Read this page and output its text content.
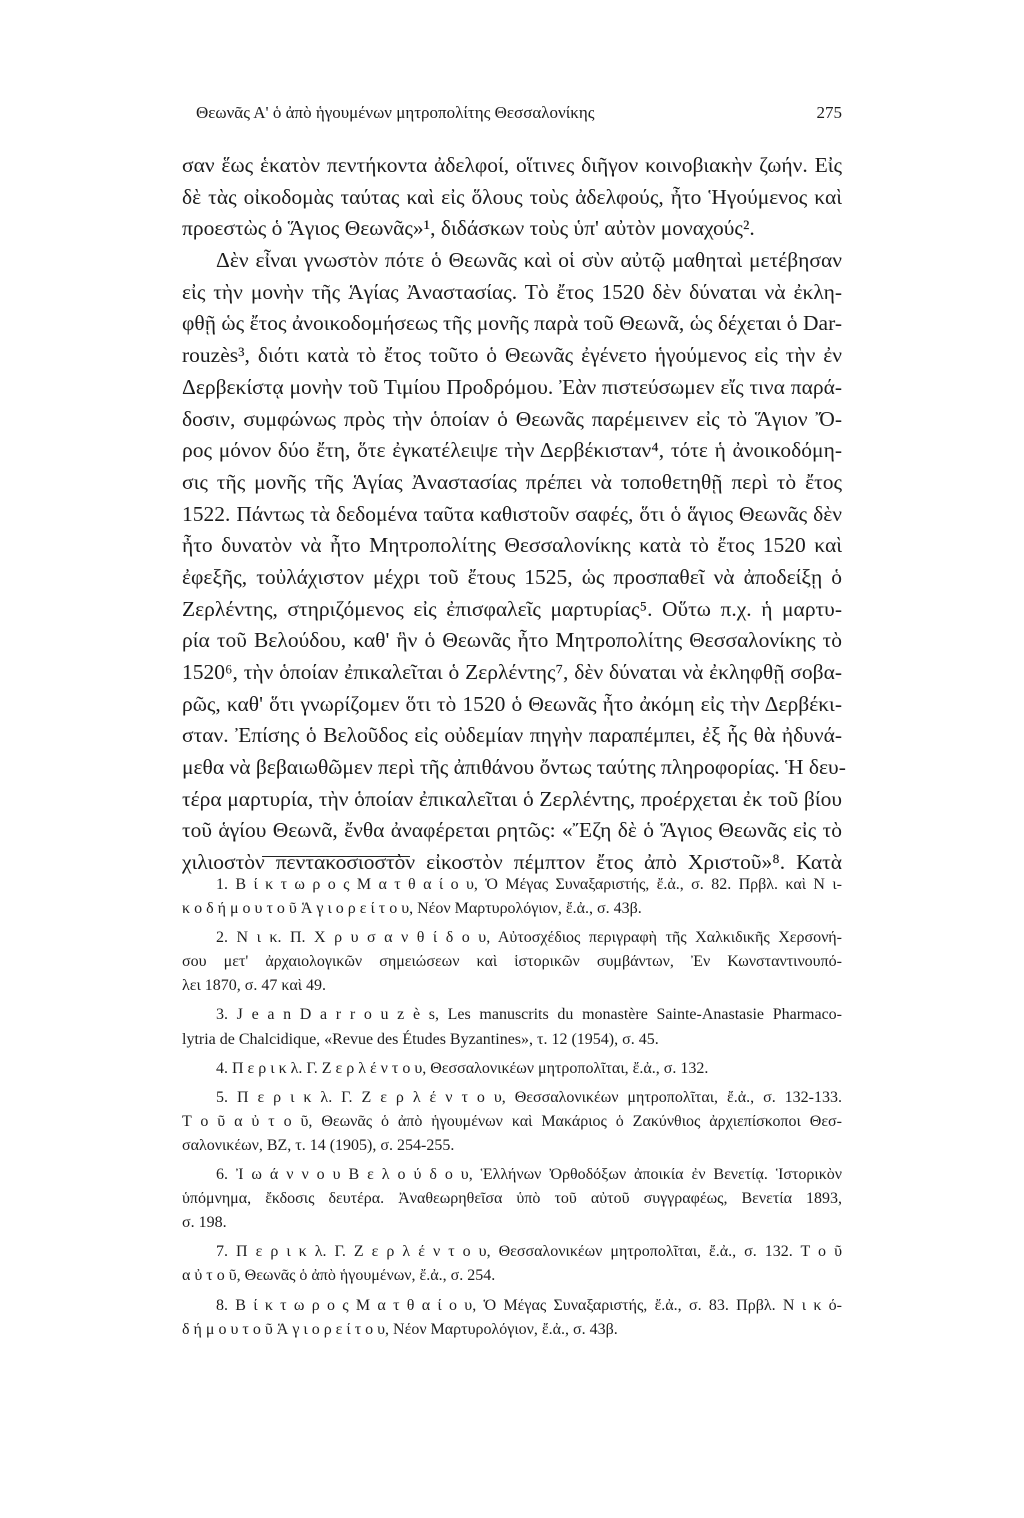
Θεωνᾶς Α' ὁ ἀπὸ ἡγουμένων μητροπολίτης Θεσσαλονίκης	275
σαν ἕως ἑκατὸν πεντήκοντα ἀδελφοί, οἵτινες διῆγον κοινοβιακὴν ζωήν. Εἰς
δὲ τὰς οἰκοδομὰς ταύτας καὶ εἰς ὅλους τοὺς ἀδελφούς, ἦτο Ἡγούμενος καὶ
προεστὼς ὁ Ἅγιος Θεωνᾶς»¹, διδάσκων τοὺς ὑπ' αὐτὸν μοναχούς².
Δὲν εἶναι γνωστὸν πότε ὁ Θεωνᾶς καὶ οἱ σὺν αὐτῷ μαθηταὶ μετέβησαν
εἰς τὴν μονὴν τῆς Ἁγίας Ἀναστασίας. Τὸ ἔτος 1520 δὲν δύναται νὰ ἐκλη-
φθῇ ὡς ἔτος ἀνοικοδομήσεως τῆς μονῆς παρὰ τοῦ Θεωνᾶ, ὡς δέχεται ὁ Dar-
rouzès³, διότι κατὰ τὸ ἔτος τοῦτο ὁ Θεωνᾶς ἐγένετο ἡγούμενος εἰς τὴν ἐν
Δερβεκίστᾳ μονὴν τοῦ Τιμίου Προδρόμου. Ἐὰν πιστεύσωμεν εἴς τινα παρά-
δοσιν, συμφώνως πρὸς τὴν ὁποίαν ὁ Θεωνᾶς παρέμεινεν εἰς τὸ Ἅγιον Ὄ-
ρος μόνον δύο ἔτη, ὅτε ἐγκατέλειψε τὴν Δερβέκισταν⁴, τότε ἡ ἀνοικοδόμη-
σις τῆς μονῆς τῆς Ἁγίας Ἀναστασίας πρέπει νὰ τοποθετηθῇ περὶ τὸ ἔτος
1522. Πάντως τὰ δεδομένα ταῦτα καθιστοῦν σαφές, ὅτι ὁ ἅγιος Θεωνᾶς δὲν
ἦτο δυνατὸν νὰ ἦτο Μητροπολίτης Θεσσαλονίκης κατὰ τὸ ἔτος 1520 καὶ
ἐφεξῆς, τοὐλάχιστον μέχρι τοῦ ἔτους 1525, ὡς προσπαθεῖ νὰ ἀποδείξῃ ὁ
Ζερλέντης, στηριζόμενος εἰς ἐπισφαλεῖς μαρτυρίας⁵. Οὕτω π.χ. ἡ μαρτυ-
ρία τοῦ Βελούδου, καθ' ἣν ὁ Θεωνᾶς ἦτο Μητροπολίτης Θεσσαλονίκης τὸ
1520⁶, τὴν ὁποίαν ἐπικαλεῖται ὁ Ζερλέντης⁷, δὲν δύναται νὰ ἐκληφθῇ σοβα-
ρῶς, καθ' ὅτι γνωρίζομεν ὅτι τὸ 1520 ὁ Θεωνᾶς ἦτο ἀκόμη εἰς τὴν Δερβέκι-
σταν. Ἐπίσης ὁ Βελοῦδος εἰς οὐδεμίαν πηγὴν παραπέμπει, ἐξ ἧς θὰ ἠδυνά-
μεθα νὰ βεβαιωθῶμεν περὶ τῆς ἀπιθάνου ὄντως ταύτης πληροφορίας. Ἡ δευ-
τέρα μαρτυρία, τὴν ὁποίαν ἐπικαλεῖται ὁ Ζερλέντης, προέρχεται ἐκ τοῦ βίου
τοῦ ἁγίου Θεωνᾶ, ἔνθα ἀναφέρεται ρητῶς: «Ἔζη δὲ ὁ Ἅγιος Θεωνᾶς εἰς τὸ
χιλιοστὸν πεντακοσιοστὸν εἰκοστὸν πέμπτον ἔτος ἀπὸ Χριστοῦ»⁸. Κατὰ
1. Β ί κ τ ω ρ ο ς Μ α τ θ α ί ο υ, Ὁ Μέγας Συναξαριστής, ἔ.ἀ., σ. 82. Πρβλ. καὶ Ν ι-
κ ο δ ή μ ο υ τ ο ῦ Ἁ γ ι ο ρ ε ί τ ο υ, Νέον Μαρτυρολόγιον, ἔ.ἀ., σ. 43β.
2. Ν ι κ. Π. Χ ρ υ σ α ν θ ί δ ο υ, Αὐτοσχέδιος περιγραφὴ τῆς Χαλκιδικῆς Χερσονή-
σου μετ' ἀρχαιολογικῶν σημειώσεων καὶ ἱστορικῶν συμβάντων, Ἐν Κωνσταντινουπό-
λει 1870, σ. 47 καὶ 49.
3. J e a n D a r r o u z è s, Les manuscrits du monastère Sainte-Anastasie Pharmaco-
lytria de Chalcidique, «Revue des Études Byzantines», τ. 12 (1954), σ. 45.
4. Π ε ρ ι κ λ. Γ. Ζ ε ρ λ έ ν τ ο υ, Θεσσαλονικέων μητροπολῖται, ἔ.ἀ., σ. 132.
5. Π ε ρ ι κ λ. Γ. Ζ ε ρ λ έ ν τ ο υ, Θεσσαλονικέων μητροπολῖται, ἔ.ἀ., σ. 132-133.
Τ ο ῦ α ὐ τ ο ῦ, Θεωνᾶς ὁ ἀπὸ ἡγουμένων καὶ Μακάριος ὁ Ζακύνθιος ἀρχιεπίσκοποι Θεσ-
σαλονικέων, ΒΖ, τ. 14 (1905), σ. 254-255.
6. Ἰ ω ά ν ν ο υ Β ε λ ο ύ δ ο υ, Ἑλλήνων Ὀρθοδόξων ἀποικία ἐν Βενετίᾳ. Ἱστορικὸν
ὑπόμνημα, ἔκδοσις δευτέρα. Ἀναθεωρηθεῖσα ὑπὸ τοῦ αὐτοῦ συγγραφέως, Βενετία 1893,
σ. 198.
7. Π ε ρ ι κ λ. Γ. Ζ ε ρ λ έ ν τ ο υ, Θεσσαλονικέων μητροπολῖται, ἔ.ἀ., σ. 132. Τ ο ῦ
α ὐ τ ο ῦ, Θεωνᾶς ὁ ἀπὸ ἡγουμένων, ἔ.ἀ., σ. 254.
8. Β ί κ τ ω ρ ο ς Μ α τ θ α ί ο υ, Ὁ Μέγας Συναξαριστής, ἔ.ἀ., σ. 83. Πρβλ. Ν ι κ ό-
δ ή μ ο υ τ ο ῦ Ἁ γ ι ο ρ ε ί τ ο υ, Νέον Μαρτυρολόγιον, ἔ.ἀ., σ. 43β.
